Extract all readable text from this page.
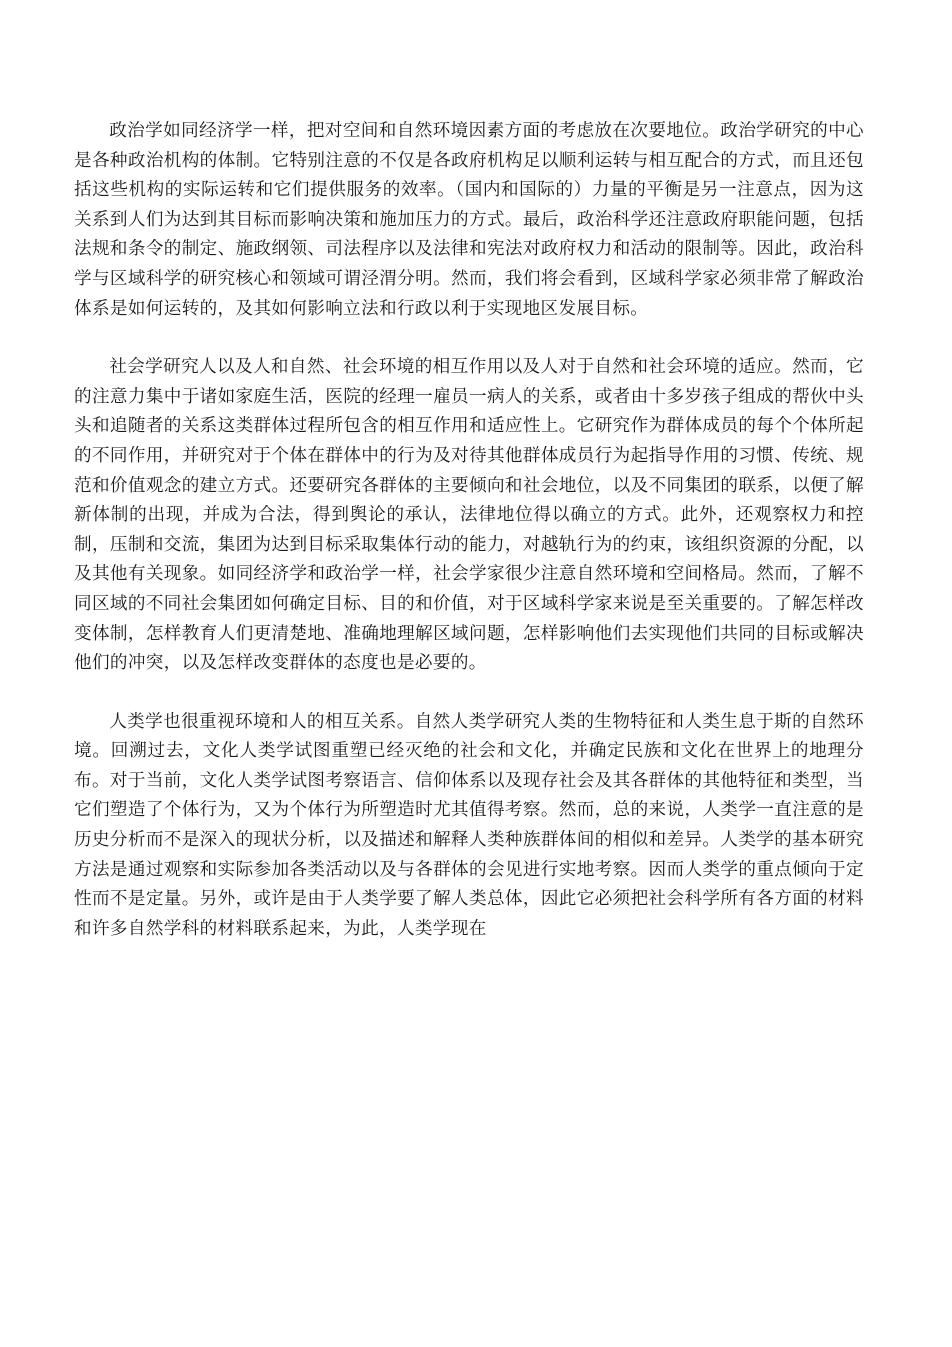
政治学如同经济学一样，把对空间和自然环境因素方面的考虑放在次要地位。政治学研究的中心是各种政治机构的体制。它特别注意的不仅是各政府机构足以顺利运转与相互配合的方式，而且还包括这些机构的实际运转和它们提供服务的效率。（国内和国际的）力量的平衡是另一注意点，因为这关系到人们为达到其目标而影响决策和施加压力的方式。最后，政治科学还注意政府职能问题，包括法规和条令的制定、施政纲领、司法程序以及法律和宪法对政府权力和活动的限制等。因此，政治科学与区域科学的研究核心和领域可谓泾渭分明。然而，我们将会看到，区域科学家必须非常了解政治体系是如何运转的，及其如何影响立法和行政以利于实现地区发展目标。

社会学研究人以及人和自然、社会环境的相互作用以及人对于自然和社会环境的适应。然而，它的注意力集中于诸如家庭生活，医院的经理一雇员一病人的关系，或者由十多岁孩子组成的帮伙中头头和追随者的关系这类群体过程所包含的相互作用和适应性上。它研究作为群体成员的每个个体所起的不同作用，并研究对于个体在群体中的行为及对待其他群体成员行为起指导作用的习惯、传统、规范和价值观念的建立方式。还要研究各群体的主要倾向和社会地位，以及不同集团的联系，以便了解新体制的出现，并成为合法，得到舆论的承认，法律地位得以确立的方式。此外，还观察权力和控制，压制和交流，集团为达到目标采取集体行动的能力，对越轨行为的约束，该组织资源的分配，以及其他有关现象。如同经济学和政治学一样，社会学家很少注意自然环境和空间格局。然而，了解不同区域的不同社会集团如何确定目标、目的和价值，对于区域科学家来说是至关重要的。了解怎样改变体制，怎样教育人们更清楚地、准确地理解区域问题，怎样影响他们去实现他们共同的目标或解决他们的冲突，以及怎样改变群体的态度也是必要的。

人类学也很重视环境和人的相互关系。自然人类学研究人类的生物特征和人类生息于斯的自然环境。回溯过去，文化人类学试图重塑已经灭绝的社会和文化，并确定民族和文化在世界上的地理分布。对于当前，文化人类学试图考察语言、信仰体系以及现存社会及其各群体的其他特征和类型，当它们塑造了个体行为，又为个体行为所塑造时尤其值得考察。然而，总的来说，人类学一直注意的是历史分析而不是深入的现状分析，以及描述和解释人类种族群体间的相似和差异。人类学的基本研究方法是通过观察和实际参加各类活动以及与各群体的会见进行实地考察。因而人类学的重点倾向于定性而不是定量。另外，或许是由于人类学要了解人类总体，因此它必须把社会科学所有各方面的材料和许多自然学科的材料联系起来，为此，人类学现在
